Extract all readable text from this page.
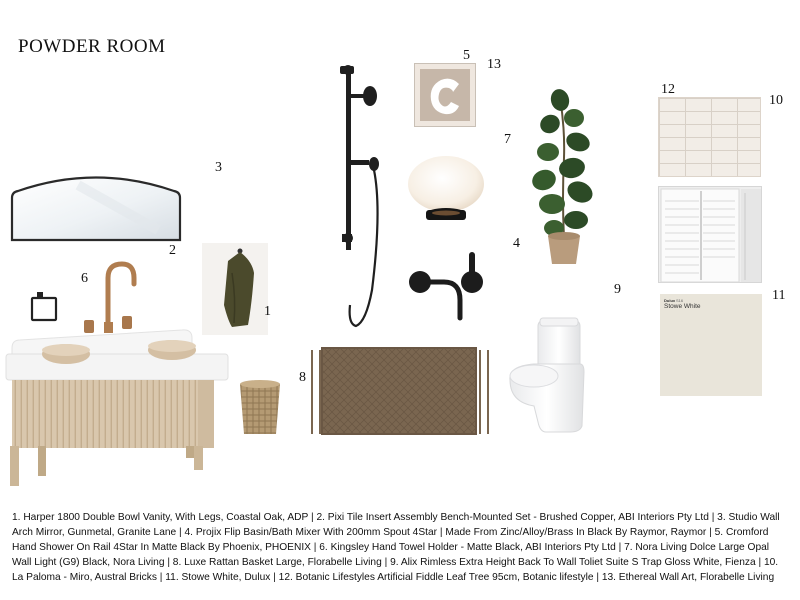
POWDER ROOM
Dulux S16
Stowe White
1
2
3
4
5
6
7
8
9
10
11
12
13
1. Harper 1800 Double Bowl Vanity, With Legs, Coastal Oak, ADP | 2. Pixi Tile Insert Assembly Bench-Mounted Set - Brushed Copper, ABI Interiors Pty Ltd | 3. Studio Wall Arch Mirror, Gunmetal, Granite Lane | 4. Projix Flip Basin/Bath Mixer With 200mm Spout 4Star | Made From Zinc/Alloy/Brass In Black By Raymor, Raymor | 5. Cromford Hand Shower On Rail 4Star In Matte Black By Phoenix, PHOENIX | 6. Kingsley Hand Towel Holder - Matte Black, ABI Interiors Pty Ltd | 7. Nora Living Dolce Large Opal Wall Light (G9) Black, Nora Living | 8. Luxe Rattan Basket Large, Florabelle Living | 9. Alix Rimless Extra Height Back To Wall Toliet Suite S Trap Gloss White, Fienza | 10. La Paloma - Miro, Austral Bricks | 11. Stowe White, Dulux | 12. Botanic Lifestyles Artificial Fiddle Leaf Tree 95cm, Botanic lifestyle | 13. Ethereal Wall Art, Florabelle Living
